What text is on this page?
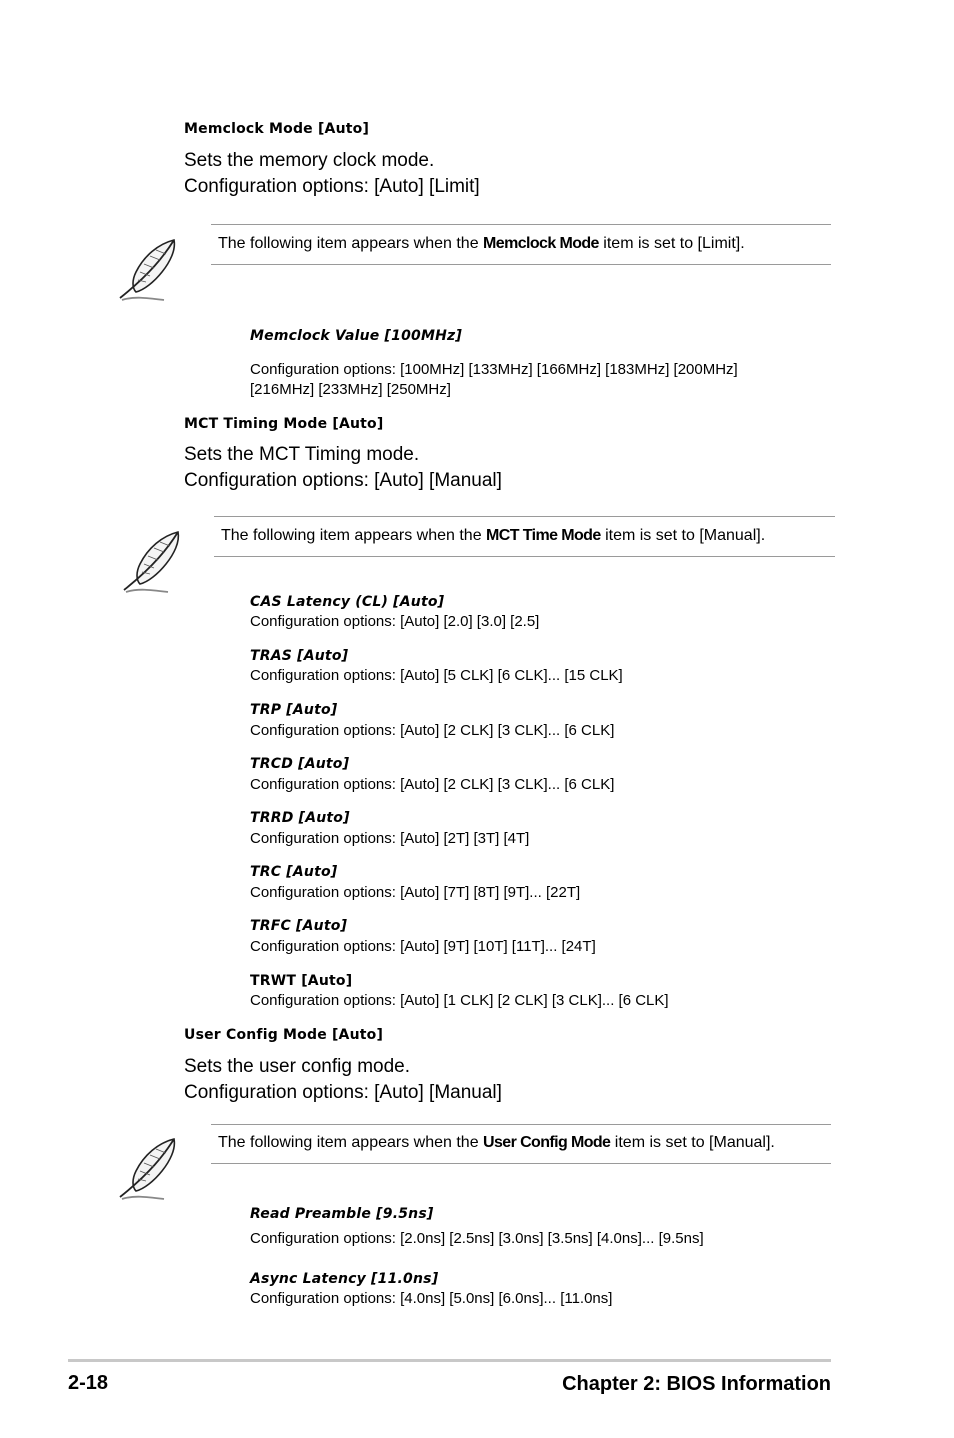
Memclock Mode [Auto]
Sets the memory clock mode.
Configuration options: [Auto] [Limit]
The following item appears when the Memclock Mode item is set to [Limit].
Memclock Value [100MHz]
Configuration options: [100MHz] [133MHz] [166MHz] [183MHz] [200MHz]
[216MHz] [233MHz] [250MHz]
MCT Timing Mode [Auto]
Sets the MCT Timing mode.
Configuration options: [Auto] [Manual]
The following item appears when the MCT Time Mode item is set to [Manual].
CAS Latency (CL) [Auto]
Configuration options: [Auto] [2.0] [3.0] [2.5]
TRAS [Auto]
Configuration options: [Auto] [5 CLK] [6 CLK]... [15 CLK]
TRP [Auto]
Configuration options: [Auto] [2 CLK] [3 CLK]... [6 CLK]
TRCD [Auto]
Configuration options: [Auto] [2 CLK] [3 CLK]... [6 CLK]
TRRD [Auto]
Configuration options: [Auto] [2T] [3T] [4T]
TRC [Auto]
Configuration options: [Auto] [7T] [8T] [9T]... [22T]
TRFC [Auto]
Configuration options: [Auto] [9T] [10T] [11T]... [24T]
TRWT [Auto]
Configuration options: [Auto] [1 CLK] [2 CLK] [3 CLK]... [6 CLK]
User Config Mode [Auto]
Sets the user config mode.
Configuration options: [Auto] [Manual]
The following item appears when the User Config Mode item is set to [Manual].
Read Preamble [9.5ns]
Configuration options: [2.0ns] [2.5ns] [3.0ns] [3.5ns] [4.0ns]... [9.5ns]
Async Latency [11.0ns]
Configuration options: [4.0ns] [5.0ns] [6.0ns]... [11.0ns]
2-18	Chapter 2: BIOS Information
